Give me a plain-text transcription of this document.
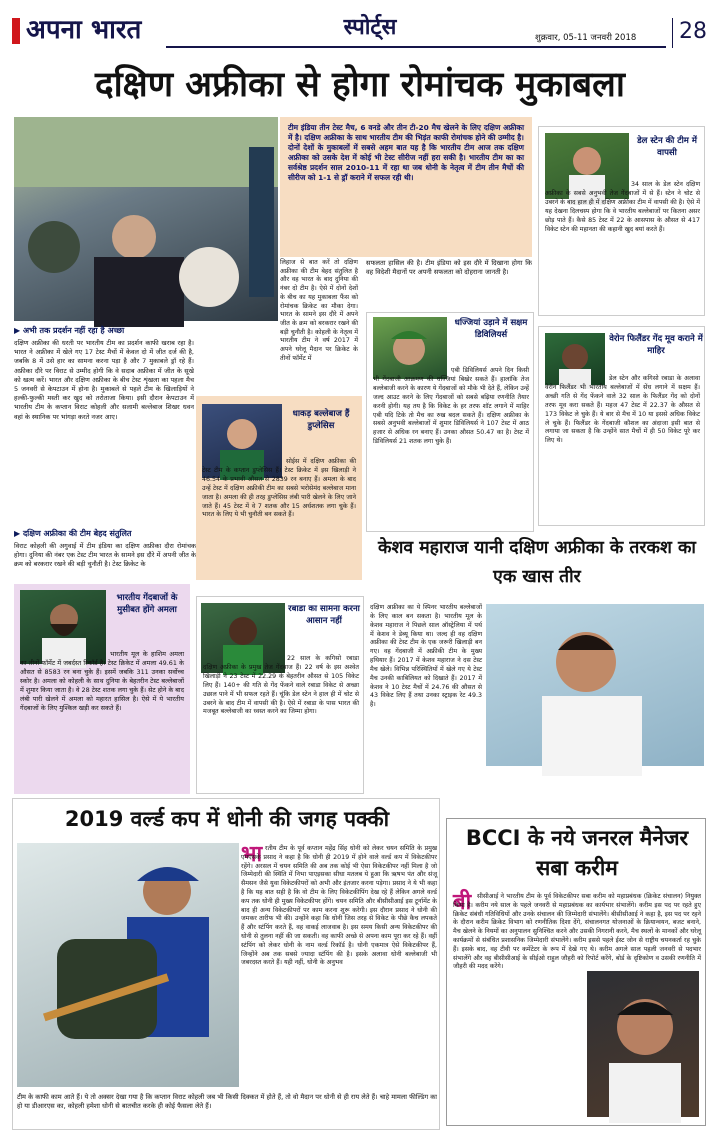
अपना भारत	स्पोर्ट्स	शुक्रवार, 05-11 जनवरी 2018	28
दक्षिण अफ्रीका से होगा रोमांचक मुकाबला
टीम इंडिया तीन टेस्ट मैच, 6 वनडे और तीन टी-20 मैच खेलने के लिए दक्षिण अफ्रीका में है। दक्षिण अफ्रीका के साथ भारतीय टीम की भिड़ंत काफी रोमांचक होने की उम्मीद है। दोनों देशों के मुकाबलों में सबसे अहम बात यह है कि भारतीय टीम आज तक दक्षिण अफ्रीका को उसके देश में कोई भी टेस्ट सीरीज नहीं हरा सकी है। भारतीय टीम का का सर्वश्रेष्ठ प्रदर्शन साल 2010-11 में रहा था जब धोनी के नेतृत्व में टीम तीन मैचों की सीरीज को 1-1 से ड्रॉ कराने में सफल रही थी।
लिहाज से बात करें तो दक्षिण अफ्रीका की टीम बेहद संतुलित है और वह भारत के बाद दुनिया की नंबर दो टीम है। ऐसे में दोनों देशों के बीच का यह मुकाबला फैंस को रोमांचक क्रिकेट का मौका देगा। भारत के सामने इस दौरे में अपने जीत के क्रम को बरकरार रखने की बड़ी चुनौती है। कोहली के नेतृत्व में भारतीय टीम ने वर्ष 2017 में अपने घरेलू मैदान पर क्रिकेट के तीनों फॉर्मेट में
सफलता हासिल की है। टीम इंडिया को इस दौरे में दिखाना होगा कि वह विदेशी मैदानों पर अपनी सफलता को दोहराना जानती है।
▶ अभी तक प्रदर्शन नहीं रहा है अच्छा
दक्षिण अफ्रीका की धरती पर भारतीय टीम का प्रदर्शन काफी खराब रहा है। भारत ने अफ्रीका में खेले गए 17 टेस्ट मैचों में केवल दो में जीत दर्ज की है, जबकि 8 में उसे हार का सामना करना पड़ा है और 7 मुकाबले ड्रॉ रहे हैं। अफ्रीका दौरे पर विराट से उम्मीद होगी कि वे सदाब अफ्रीका में जीत के सूखे को खत्म करें। भारत और दक्षिण अफ्रीका के बीच टेस्ट शृंखला का पहला मैच 5 जनवरी से केपटाउन में होना है। मुकाबले से पहले टीम के खिलाड़ियों ने हल्की-फुल्की मस्ती कर खुद को तरोताजा किया। इसी दौरान केपटाउन में भारतीय टीम के कप्तान विराट कोहली और सलामी बल्लेबाज शिखर धवन वहां के स्थानिक पर भांगड़ा करते नजर आए।
▶ दक्षिण अफ्रीका की टीम बेहद संतुलित
विराट कोहली की अगुवाई में टीम इंडिया का दक्षिण अफ्रीका दौरा रोमांचक होगा। दुनिया की नंबर एक टेस्ट टीम भारत के सामने इस दौरे में अपनी जीत के क्रम को बरकरार रखने की बड़ी चुनौती है। टेस्ट क्रिकेट के
डेल स्टेन की टीम में वापसी
34 साल के डेल स्टेन दक्षिण अफ्रीका के सबसे अनुभवी तेज गेंदबाजों में से हैं। स्टेन ने चोट से उबरने के बाद हाल ही में दक्षिण अफ्रीका टीम में वापसी की है। ऐसे में यह देखना दिलचस्प होगा कि वे भारतीय बल्लेबाजों पर कितना असर छोड़ पाते हैं। कैसे 85 टेस्ट में 22 के आसपास के औसत से 417 विकेट स्टेन की महानता की कहानी खुद बयां करते हैं।
धज्जियां उड़ाने में सक्षम डिविलियर्स
एबी डिविलियर्स अपने दिन किसी भी गेंदबाजी आक्रमण की धज्जियां बिखेर सकते हैं। हालांकि तेज बल्लेबाजी करने के कारण ये गेंदबाजों को मौके भी देते हैं, लेकिन उन्हें जल्द आउट करने के लिए गेंदबाजों को सबसे बढ़िया रणनीति तैयार करनी होगी। यह तय है कि विकेट के हर तरफ शॉट लगाने में माहिर एबी यदि टिके तो मैच का रुख बदल सकते हैं। दक्षिण अफ्रीका के सबसे अनुभवी बल्लेबाजों में शुमार डिविलियर्स ने 107 टेस्ट में आठ हजार से अधिक रन बनाए हैं। उनका औसत 50.47 का है। टेस्ट में डिविलियर्स 21 शतक लगा चुके हैं।
वेरोन फिलैंडर गेंद मूव कराने में माहिर
डेल स्टेन और कगिसो रबाडा के अलावा वेरोन फिलैंडर भी भारतीय बल्लेबाजों में सेंध लगाने में सक्षम हैं। अच्छी गति से गेंद फेंकने वाले 32 साल के फिलैंडर गेंद को दोनों तरफ मूव करा सकते हैं। महज 47 टेस्ट में 22.37 के औसत से 173 विकेट ले चुके हैं। ये बार से मैच में 10 या इससे अधिक विकेट ले चुके हैं। फिलैंडर के गेंदबाजी कौशल का अंदाजा इसी बात से लगाया जा सकता है कि उन्होंने सात मैचों में ही 50 विकेट पूरे कर लिए थे।
धाकड़ बल्लेबाज हैं डुप्लेसिस
सोईस में दक्षिण अफ्रीका की टेस्ट टीम के कप्तान डुप्लेसिस हैं। टेस्ट क्रिकेट में इस खिलाड़ी ने 46.54 के प्रभावी औसत से 2839 रन बनाए हैं। अमला के बाद उन्हें टेस्ट में दक्षिण अफ्रीकी टीम का सबसे भरोसेमंद बल्लेबाज माना जाता है। अमला की ही तरह डुप्लेसिस लंबी पारी खेलने के लिए जाने जाते हैं। 45 टेस्ट में वे 7 शतक और 15 अर्धशतक लगा चुके हैं। भारत के लिए ये भी चुनौती बन सकते हैं।
भारतीय गेंदबाजों के मुसीबत होंगे अमला
भारतीय मूल के हाशिम अमला का तीनों फॉर्मेट में जबर्दस्त रिकॉर्ड है। टेस्ट क्रिकेट में अमला 49.61 के औसत से 8583 रन बना चुके हैं। इसमें जबकि 311 उनका सर्वोच्च स्कोर है। अमला को कोहली के साथ दुनिया के बेहतरीन टेस्ट बल्लेबाजों में शुमार किया जाता है। वे 28 टेस्ट शतक लगा चुके हैं। सेट होने के बाद लंबी पारी खेलने में अमला को महारत हासिल है। ऐसे में ये भारतीय गेंदबाजों के लिए मुश्किल खड़ी कर सकते हैं।
रबाडा का सामना करना आसान नहीं
22 साल के कगिसो रबाडा दक्षिण अफ्रीका के प्रमुख तेज गेंदबाज हैं। 22 वर्ष के इस अश्वेत खिलाड़ी ने 23 टेस्ट में 22.29 के बेहतरीन औसत से 105 विकेट लिए हैं। 140+ की गति से गेंद फेंकने वाले रबाडा विकेट से अच्छा उछाल पाने में भी सफल रहते हैं। चूंकि डेल स्टेन ने हाल ही में चोट से उबरने के बाद टीम में वापसी की है। ऐसे में रबाडा के पास भारत की मजबूत बल्लेबाजी का ध्वस्त करने का जिम्मा होगा।
केशव महाराज यानी दक्षिण अफ्रीका के तरकश का एक खास तीर
दक्षिण अफ्रीका का ये स्पिनर भारतीय बल्लेबाजों के लिए काल बन सकता है। भारतीय मूल के केशव महाराज ने पिछले साल ऑस्ट्रेलिया में पर्थ में केशव ने डेब्यू किया था। जल्द ही वह दक्षिण अफ्रीका की टेस्ट टीम के एक जरूरी खिलाड़ी बन गए। वह गेंदबाजी में अफ्रीकी टीम के मुख्य हथियार हैं। 2017 में केशव महाराज ने दस टेस्ट मैच खेले। विभिन्न परिस्थितियों में खेले गए ये टेस्ट मैच उनकी काबिलियत को दिखाते हैं। 2017 में केशव ने 10 टेस्ट मैचों में 24.76 की औसत से 43 विकेट लिए हैं तथा उनका स्ट्राइक रेट 49.3 है।
2019 वर्ल्ड कप में धोनी की जगह पक्की
भा रतीय टीम के पूर्व कप्तान महेंद्र सिंह धोनी को लेकर चयन समिति के प्रमुख एमएसके प्रसाद ने कहा है कि धोनी ही 2019 में होने वाले वर्ल्ड कप में विकेटकीपर रहेंगे। अरसल में चयन समिति की अब तक कोई भी ऐसा विकेटकीपर नहीं मिला है जो जिम्मेदारी की स्थिति में निभा पाएइसका सीधा मतलब ये हुआ कि ऋषभ पंत और संजू सैमसन जैसे युवा विकेटकीपरों को अभी और इंतजार करना पड़ेगा। प्रसाद ने ये भी कहा है कि यह बात सही है कि वो टीम के लिए विकेटकीपिंग देख रहे हैं लेकिन अगले वर्ल्ड कप तक धोनी ही मुख्य विकेटकीपर होंगे। चयन समिति और बीसीसीआई इस टूर्नामेंट के बाद ही अन्य विकेटकीपरों पर काम करना शुरू करेगी। इस दौरान प्रसाद ने धोनी की जमकर तारीफ भी की। उन्होंने कहा कि धोनी जिस तरह से विकेट के पीछे कैच लपकते हैं और स्टंपिंग करते हैं, वह वाकई लाजवाब है। इस समय किसी अन्य विकेटकीपर की धोनी से तुलना नहीं की जा सकती। वह काफी अच्छे से अपना काम पूरा कर रहे हैं। वहीं स्टंपिंग को लेकर धोनी के नाम वर्ल्ड रिकॉर्ड है। धोनी एकमात्र ऐसे विकेटकीपर हैं, जिन्होंने अब तक सबसे ज्यादा स्टंपिंग की है। इसके अलावा धोनी बल्लेबाजी भी जबरदस्त करते हैं। यही नहीं, धोनी के अनुभव
टीम के काफी काम आते हैं। ये तो अक्सर देखा गया है कि कप्तान विराट कोहली जब भी किसी दिक्कत में होते हैं, तो वो मैदान पर धोनी से ही राय लेते हैं। चाहे मामला फील्डिंग का हो या डीआरएस का, कोहली हमेशा धोनी से बातचीत करके ही कोई फैसला लेते हैं।
BCCI के नये जनरल मैनेजर सबा करीम
बी सीसीआई ने भारतीय टीम के पूर्व विकेटकीपर सबा करीम को महाप्रबंधक (क्रिकेट संचालन) नियुक्त किया है। करीम नये साल के पहले जनवरी से महाप्रबंधक का कार्यभार संभालेंगे। करीम इस पद पर रहते हुए क्रिकेट संबंधी गतिविधियों और उनके संचालन की जिम्मेदारी संभालेंगे। बीसीसीआई ने कहा है, इस पद पर रहने के दौरान करीम क्रिकेट विभाग को रणनीतिक दिशा देंगे, संचालनगत योजनाओं के क्रियान्वयन, बजट बनाने, मैच खेलने के नियमों का अनुपालन सुनिश्चित करने और उसकी निगरानी करने, मैच स्थलों के मानकों और घरेलू कार्यक्रमों से संबंधित प्रशासनिक जिम्मेदारी संभालेंगे। करीम इससे पहले ईस्ट जोन से राष्ट्रीय चयनकर्ता रह चुके हैं। इसके बाद, वह टीवी पर कमेंटेटर के रूप में देखे गए थे। करीम अगले साल पहली जनवरी से पदभार संभालेंगे और वह बीसीसीआई के सीईओ राहुल जौहरी को रिपोर्ट करेंगे, बोर्ड के दृष्टिकोण व उसकी रणनीति में जौहरी की मदद करेंगे।
